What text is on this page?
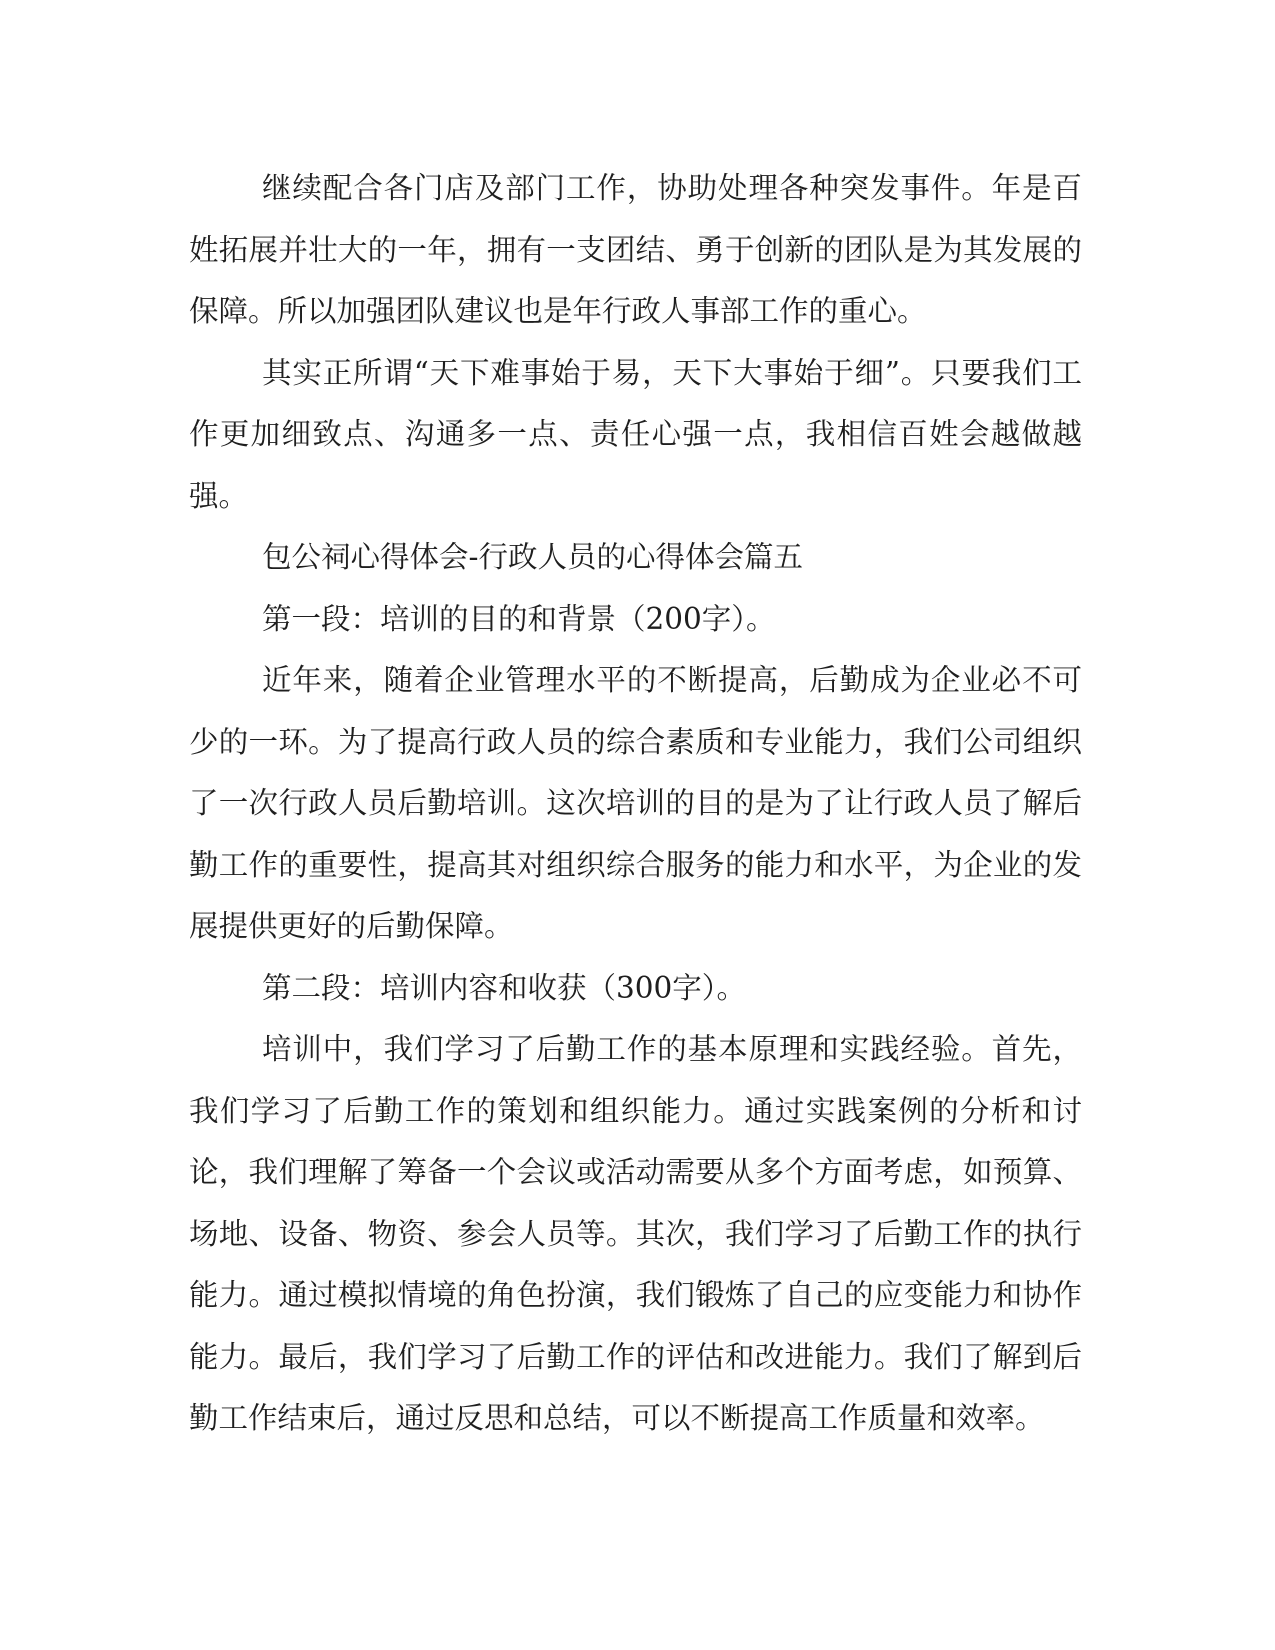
继续配合各门店及部门工作，协助处理各种突发事件。年是百姓拓展并壮大的一年，拥有一支团结、勇于创新的团队是为其发展的保障。所以加强团队建议也是年行政人事部工作的重心。

其实正所谓“天下难事始于易，天下大事始于细”。只要我们工作更加细致点、沟通多一点、责任心强一点，我相信百姓会越做越强。

包公祠心得体会-行政人员的心得体会篇五

第一段：培训的目的和背景（200字）。

近年来，随着企业管理水平的不断提高，后勤成为企业必不可少的一环。为了提高行政人员的综合素质和专业能力，我们公司组织了一次行政人员后勤培训。这次培训的目的是为了让行政人员了解后勤工作的重要性，提高其对组织综合服务的能力和水平，为企业的发展提供更好的后勤保障。

第二段：培训内容和收获（300字）。

培训中，我们学习了后勤工作的基本原理和实践经验。首先，我们学习了后勤工作的策划和组织能力。通过实践案例的分析和讨论，我们理解了筹备一个会议或活动需要从多个方面考虑，如预算、场地、设备、物资、参会人员等。其次，我们学习了后勤工作的执行能力。通过模拟情境的角色扮演，我们锻炼了自己的应变能力和协作能力。最后，我们学习了后勤工作的评估和改进能力。我们了解到后勤工作结束后，通过反思和总结，可以不断提高工作质量和效率。
